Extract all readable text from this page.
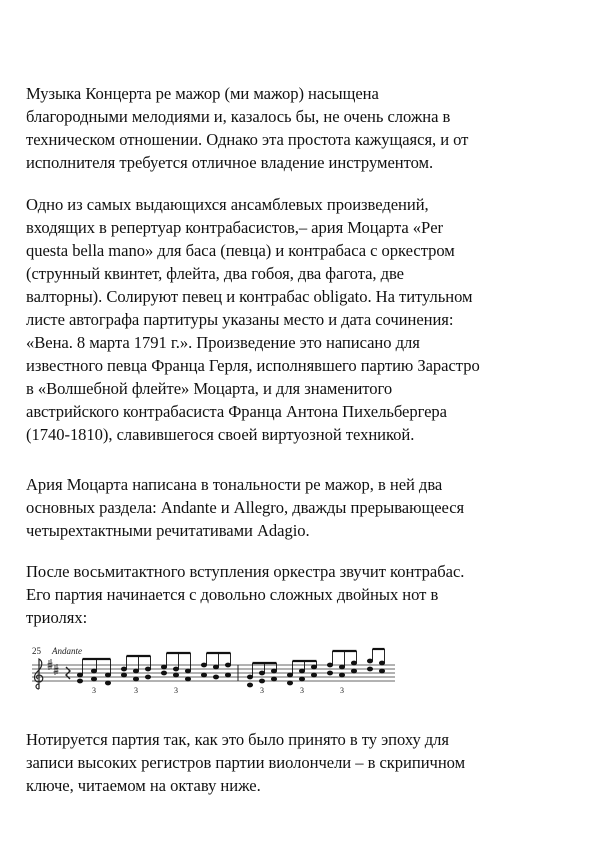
Музыка Концерта ре мажор (ми мажор) насыщена
благородными мелодиями и, казалось бы, не очень сложна в
техническом отношении. Однако эта простота кажущаяся, и от
исполнителя требуется отличное владение инструментом.

Одно из самых выдающихся ансамблевых произведений,
входящих в репертуар контрабасистов,– ария Моцарта «Per
questa bella mano» для баса (певца) и контрабаса с оркестром
(струнный квинтет, флейта, два гобоя, два фагота, две
валторны). Солируют певец и контрабас obligato. На титульном
листе автографа партитуры указаны место и дата сочинения:
«Вена. 8 марта 1791 г.». Произведение это написано для
известного певца Франца Герля, исполнявшего партию Зарастро
в «Волшебной флейте» Моцарта, и для знаменитого
австрийского контрабасиста Франца Антона Пихельбергера
(1740-1810), славившегося своей виртуозной техникой.

Ария Моцарта написана в тональности ре мажор, в ней два
основных раздела: Andante и Allegro, дважды прерывающееся
четырехтактными речитативами Adagio.

После восьмитактного вступления оркестра звучит контрабас.
Его партия начинается с довольно сложных двойных нот в
триолях:

25 Andante
3	3	3	3	3	3

Нотируется партия так, как это было принято в ту эпоху для
записи высоких регистров партии виолончели – в скрипичном
ключе, читаемом на октаву ниже.
